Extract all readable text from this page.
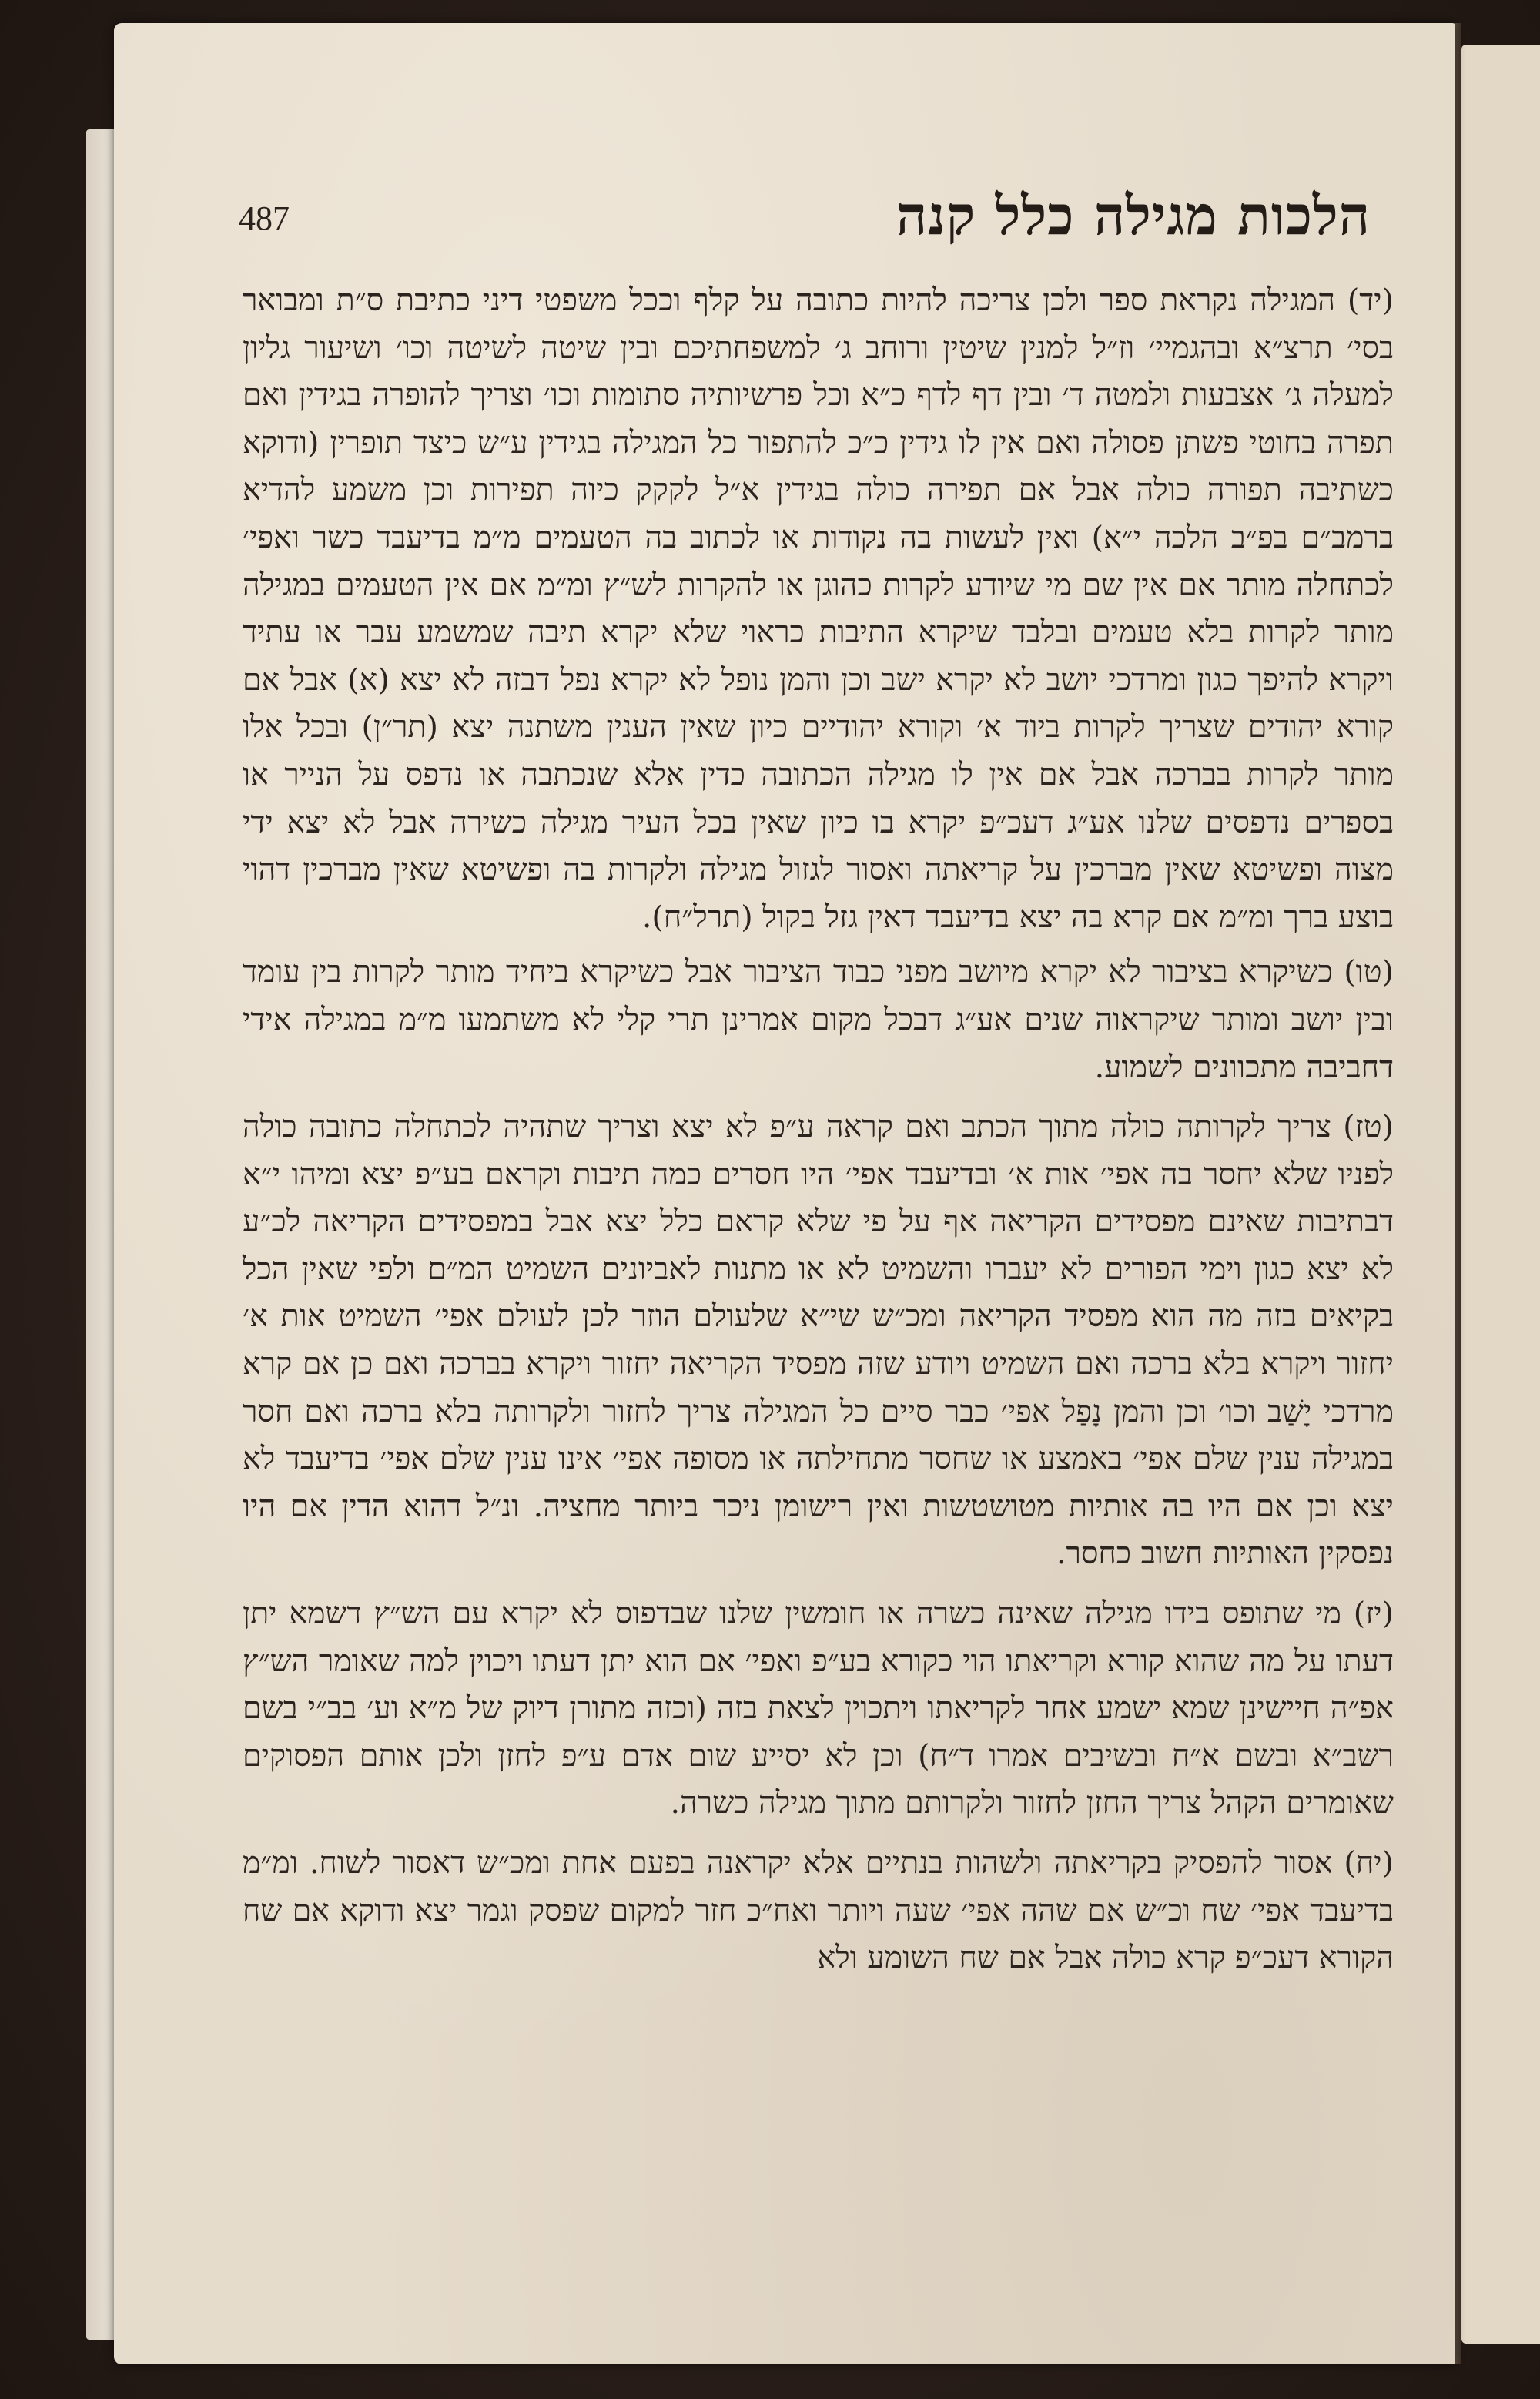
487	הלכות מגילה כלל קנה

(יד) המגילה נקראת ספר ולכן צריכה להיות כתובה על קלף וככל משפטי דיני כתיבת ס״ת ומבואר בסי׳ תרצ״א ובהגמיי׳ וז״ל למנין שיטין ורוחב ג׳ למשפחתיכם ובין שיטה לשיטה וכו׳ ושיעור גליון למעלה ג׳ אצבעות ולמטה ד׳ ובין דף לדף כ״א וכל פרשיותיה סתומות וכו׳ וצריך להופרה בגידין ואם תפרה בחוטי פשתן פסולה ואם אין לו גידין כ״כ להתפור כל המגילה בגידין ע״ש כיצד תופרין (ודוקא כשתיבה תפורה כולה אבל אם תפירה כולה בגידין א״ל לקקק כיוה תפירות וכן משמע להדיא ברמב״ם בפ״ב הלכה י״א) ואין לעשות בה נקודות או לכתוב בה הטעמים מ״מ בדיעבד כשר ואפי׳ לכתחלה מותר אם אין שם מי שיודע לקרות כהוגן או להקרות לש״ץ ומ״מ אם אין הטעמים במגילה מותר לקרות בלא טעמים ובלבד שיקרא התיבות כראוי שלא יקרא תיבה שמשמע עבר או עתיד ויקרא להיפך כגון ומרדכי יושב לא יקרא ישב וכן והמן נופל לא יקרא נפל דבזה לא יצא (א) אבל אם קורא יהודים שצריך לקרות ביוד א׳ וקורא יהודיים כיון שאין הענין משתנה יצא (תר״ן) ובכל אלו מותר לקרות בברכה אבל אם אין לו מגילה הכתובה כדין אלא שנכתבה או נדפס על הנייר או בספרים נדפסים שלנו אע״ג דעכ״פ יקרא בו כיון שאין בכל העיר מגילה כשירה אבל לא יצא ידי מצוה ופשיטא שאין מברכין על קריאתה ואסור לגזול מגילה ולקרות בה ופשיטא שאין מברכין דהוי בוצע ברך ומ״מ אם קרא בה יצא בדיעבד דאין גזל בקול (תרל״ח).

(טו) כשיקרא בציבור לא יקרא מיושב מפני כבוד הציבור אבל כשיקרא ביחיד מותר לקרות בין עומד ובין יושב ומותר שיקראוה שנים אע״ג דבכל מקום אמרינן תרי קלי לא משתמעו מ״מ במגילה אידי דחביבה מתכוונים לשמוע.

(טז) צריך לקרותה כולה מתוך הכתב ואם קראה ע״פ לא יצא וצריך שתהיה לכתחלה כתובה כולה לפניו שלא יחסר בה אפי׳ אות א׳ ובדיעבד אפי׳ היו חסרים כמה תיבות וקראם בע״פ יצא ומיהו י״א דבתיבות שאינם מפסידים הקריאה אף על פי שלא קראם כלל יצא אבל במפסידים הקריאה לכ״ע לא יצא כגון וימי הפורים לא יעברו והשמיט לא או מתנות לאביונים השמיט המ״ם ולפי שאין הכל בקיאים בזה מה הוא מפסיד הקריאה ומכ״ש שי״א שלעולם הוזר לכן לעולם אפי׳ השמיט אות א׳ יחזור ויקרא בלא ברכה ואם השמיט ויודע שזה מפסיד הקריאה יחזור ויקרא בברכה ואם כן אם קרא מרדכי יָשַׁב וכו׳ וכן והמן נָפַל אפי׳ כבר סיים כל המגילה צריך לחזור ולקרותה בלא ברכה ואם חסר במגילה ענין שלם אפי׳ באמצע או שחסר מתחילתה או מסופה אפי׳ אינו ענין שלם אפי׳ בדיעבד לא יצא וכן אם היו בה אותיות מטושטשות ואין רישומן ניכר ביותר מחציה. ונ״ל דהוא הדין אם היו נפסקין האותיות חשוב כחסר.

(יז) מי שתופס בידו מגילה שאינה כשרה או חומשין שלנו שבדפוס לא יקרא עם הש״ץ דשמא יתן דעתו על מה שהוא קורא וקריאתו הוי כקורא בע״פ ואפי׳ אם הוא יתן דעתו ויכוין למה שאומר הש״ץ אפ״ה חיישינן שמא ישמע אחר לקריאתו ויתכוין לצאת בזה (וכזה מתורן דיוק של מ״א וע׳ בב״י בשם רשב״א ובשם א״ח ובשיבים אמרו ד״ח) וכן לא יסייע שום אדם ע״פ לחזן ולכן אותם הפסוקים שאומרים הקהל צריך החזן לחזור ולקרותם מתוך מגילה כשרה.

(יח) אסור להפסיק בקריאתה ולשהות בנתיים אלא יקראנה בפעם אחת ומכ״ש דאסור לשוח. ומ״מ בדיעבד אפי׳ שח וכ״ש אם שהה אפי׳ שעה ויותר ואח״כ חזר למקום שפסק וגמר יצא ודוקא אם שח הקורא דעכ״פ קרא כולה אבל אם שח השומע ולא
